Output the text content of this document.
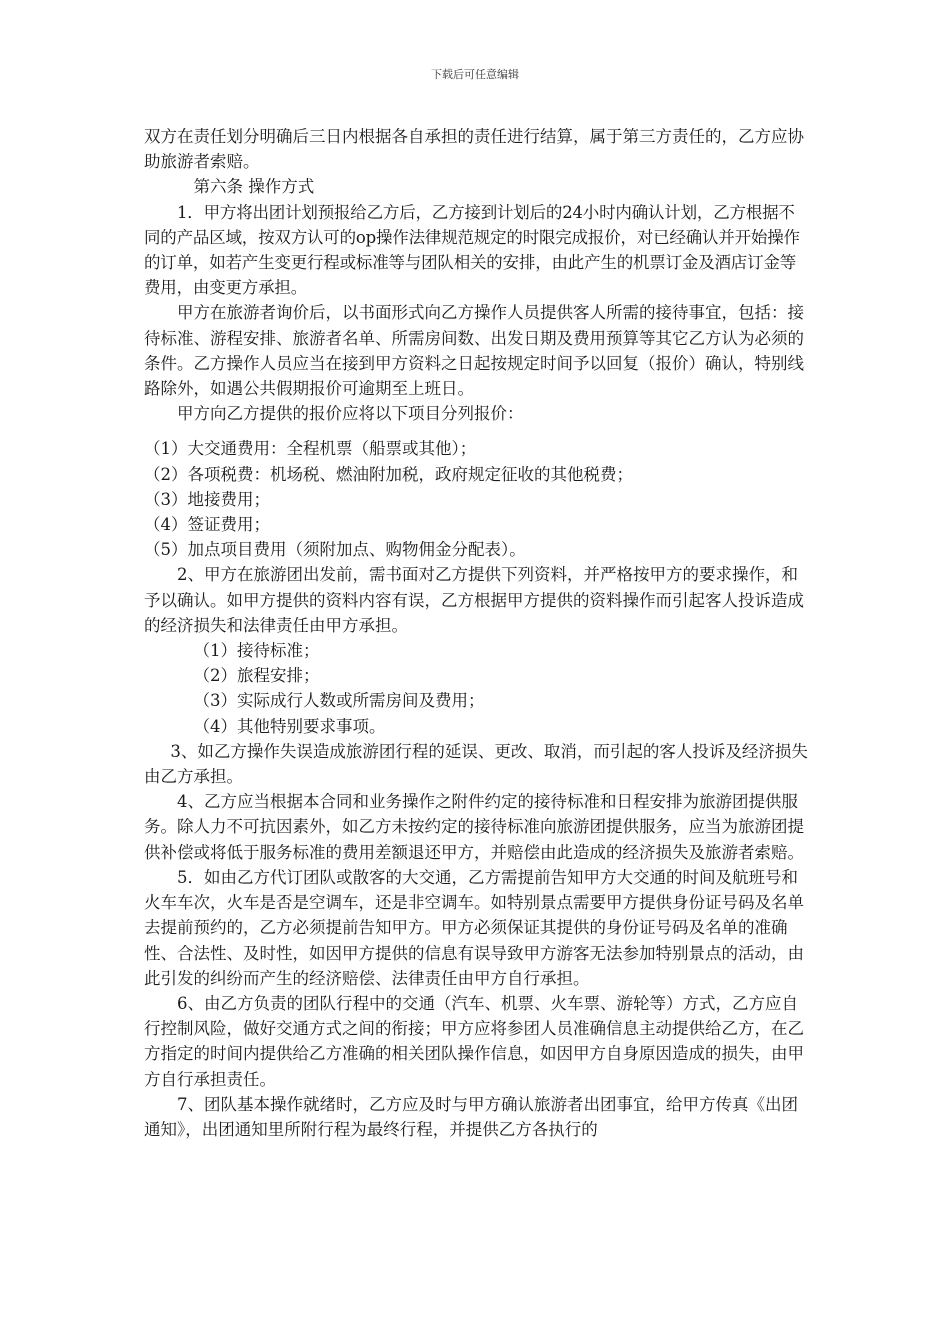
下载后可任意编辑

双方在责任划分明确后三日内根据各自承担的责任进行结算，属于第三方责任的，乙方应协助旅游者索赔。

第六条 操作方式

1．甲方将出团计划预报给乙方后，乙方接到计划后的24小时内确认计划，乙方根据不同的产品区域，按双方认可的op操作法律规范规定的时限完成报价，对已经确认并开始操作的订单，如若产生变更行程或标准等与团队相关的安排，由此产生的机票订金及酒店订金等费用，由变更方承担。

甲方在旅游者询价后，以书面形式向乙方操作人员提供客人所需的接待事宜，包括：接待标准、游程安排、旅游者名单、所需房间数、出发日期及费用预算等其它乙方认为必须的条件。乙方操作人员应当在接到甲方资料之日起按规定时间予以回复（报价）确认，特别线路除外，如遇公共假期报价可逾期至上班日。

甲方向乙方提供的报价应将以下项目分列报价：

（1）大交通费用：全程机票（船票或其他）；

（2）各项税费：机场税、燃油附加税，政府规定征收的其他税费；

（3）地接费用；

（4）签证费用；

（5）加点项目费用（须附加点、购物佣金分配表）。

2、甲方在旅游团出发前，需书面对乙方提供下列资料，并严格按甲方的要求操作，和予以确认。如甲方提供的资料内容有误，乙方根据甲方提供的资料操作而引起客人投诉造成的经济损失和法律责任由甲方承担。

（1）接待标准；

（2）旅程安排；

（3）实际成行人数或所需房间及费用；

（4）其他特别要求事项。

3、如乙方操作失误造成旅游团行程的延误、更改、取消，而引起的客人投诉及经济损失由乙方承担。

4、乙方应当根据本合同和业务操作之附件约定的接待标准和日程安排为旅游团提供服务。除人力不可抗因素外，如乙方未按约定的接待标准向旅游团提供服务，应当为旅游团提供补偿或将低于服务标准的费用差额退还甲方，并赔偿由此造成的经济损失及旅游者索赔。

5．如由乙方代订团队或散客的大交通，乙方需提前告知甲方大交通的时间及航班号和火车车次，火车是否是空调车，还是非空调车。如特别景点需要甲方提供身份证号码及名单去提前预约的，乙方必须提前告知甲方。甲方必须保证其提供的身份证号码及名单的准确性、合法性、及时性，如因甲方提供的信息有误导致甲方游客无法参加特别景点的活动，由此引发的纠纷而产生的经济赔偿、法律责任由甲方自行承担。

6、由乙方负责的团队行程中的交通（汽车、机票、火车票、游轮等）方式，乙方应自行控制风险，做好交通方式之间的衔接；甲方应将参团人员准确信息主动提供给乙方，在乙方指定的时间内提供给乙方准确的相关团队操作信息，如因甲方自身原因造成的损失，由甲方自行承担责任。

7、团队基本操作就绪时，乙方应及时与甲方确认旅游者出团事宜，给甲方传真《出团通知》，出团通知里所附行程为最终行程，并提供乙方各执行的
